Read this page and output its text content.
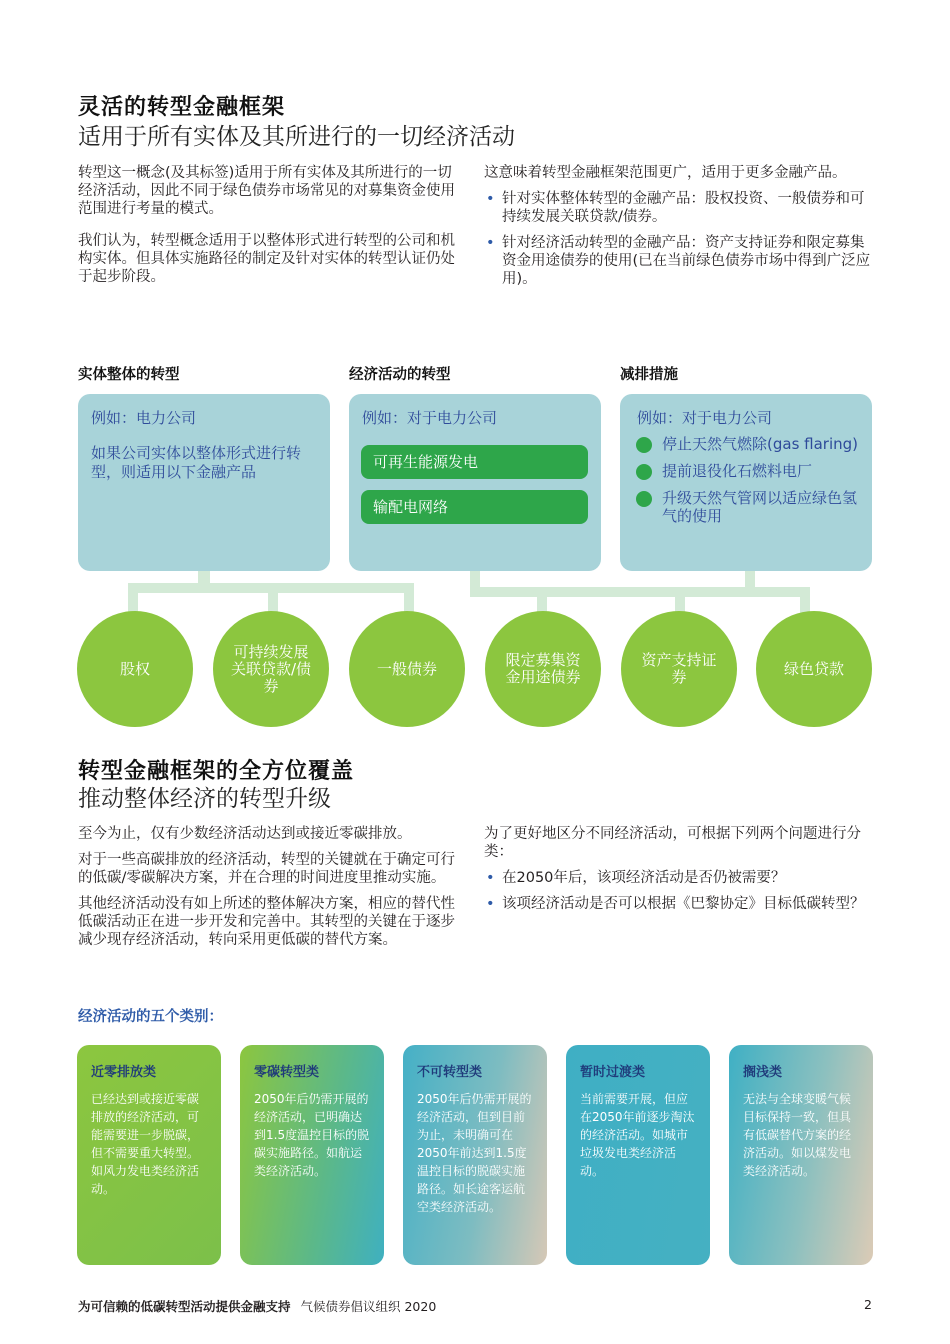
灵活的转型金融框架
适用于所有实体及其所进行的一切经济活动

转型这一概念(及其标签)适用于所有实体及其所进行的一切经济活动，因此不同于绿色债券市场常见的对募集资金使用范围进行考量的模式。

我们认为，转型概念适用于以整体形式进行转型的公司和机构实体。但具体实施路径的制定及针对实体的转型认证仍处于起步阶段。

这意味着转型金融框架范围更广，适用于更多金融产品。

• 针对实体整体转型的金融产品：股权投资、一般债券和可持续发展关联贷款/债券。
• 针对经济活动转型的金融产品：资产支持证券和限定募集资金用途债券的使用(已在当前绿色债券市场中得到广泛应用)。
实体整体的转型	经济活动的转型	减排措施
例如：电力公司
如果公司实体以整体形式进行转型，则适用以下金融产品
例如：对于电力公司
可再生能源发电
输配电网络
例如：对于电力公司
停止天然气燃除(gas flaring)
提前退役化石燃料电厂
升级天然气管网以适应绿色氢气的使用
股权
可持续发展关联贷款/债券
一般债券	限定募集资金用途债券
资产支持证券	绿色贷款
转型金融框架的全方位覆盖
推动整体经济的转型升级

至今为止，仅有少数经济活动达到或接近零碳排放。

对于一些高碳排放的经济活动，转型的关键就在于确定可行的低碳/零碳解决方案，并在合理的时间进度里推动实施。

其他经济活动没有如上所述的整体解决方案，相应的替代性低碳活动正在进一步开发和完善中。其转型的关键在于逐步减少现存经济活动，转向采用更低碳的替代方案。

为了更好地区分不同经济活动，可根据下列两个问题进行分类：

• 在2050年后，该项经济活动是否仍被需要？
• 该项经济活动是否可以根据《巴黎协定》目标低碳转型？
经济活动的五个类别：
近零排放类
已经达到或接近零碳排放的经济活动，可能需要进一步脱碳，但不需要重大转型。如风力发电类经济活动。
零碳转型类
2050年后仍需开展的经济活动，已明确达到1.5度温控目标的脱碳实施路径。如航运类经济活动。
不可转型类
2050年后仍需开展的经济活动，但到目前为止，未明确可在2050年前达到1.5度温控目标的脱碳实施路径。如长途客运航空类经济活动。
暂时过渡类
当前需要开展，但应在2050年前逐步淘汰的经济活动。如城市垃圾发电类经济活动。
搁浅类
无法与全球变暖气候目标保持一致，但具有低碳替代方案的经济活动。如以煤发电类经济活动。
为可信赖的低碳转型活动提供金融支持 气候债券倡议组织 2020	2
